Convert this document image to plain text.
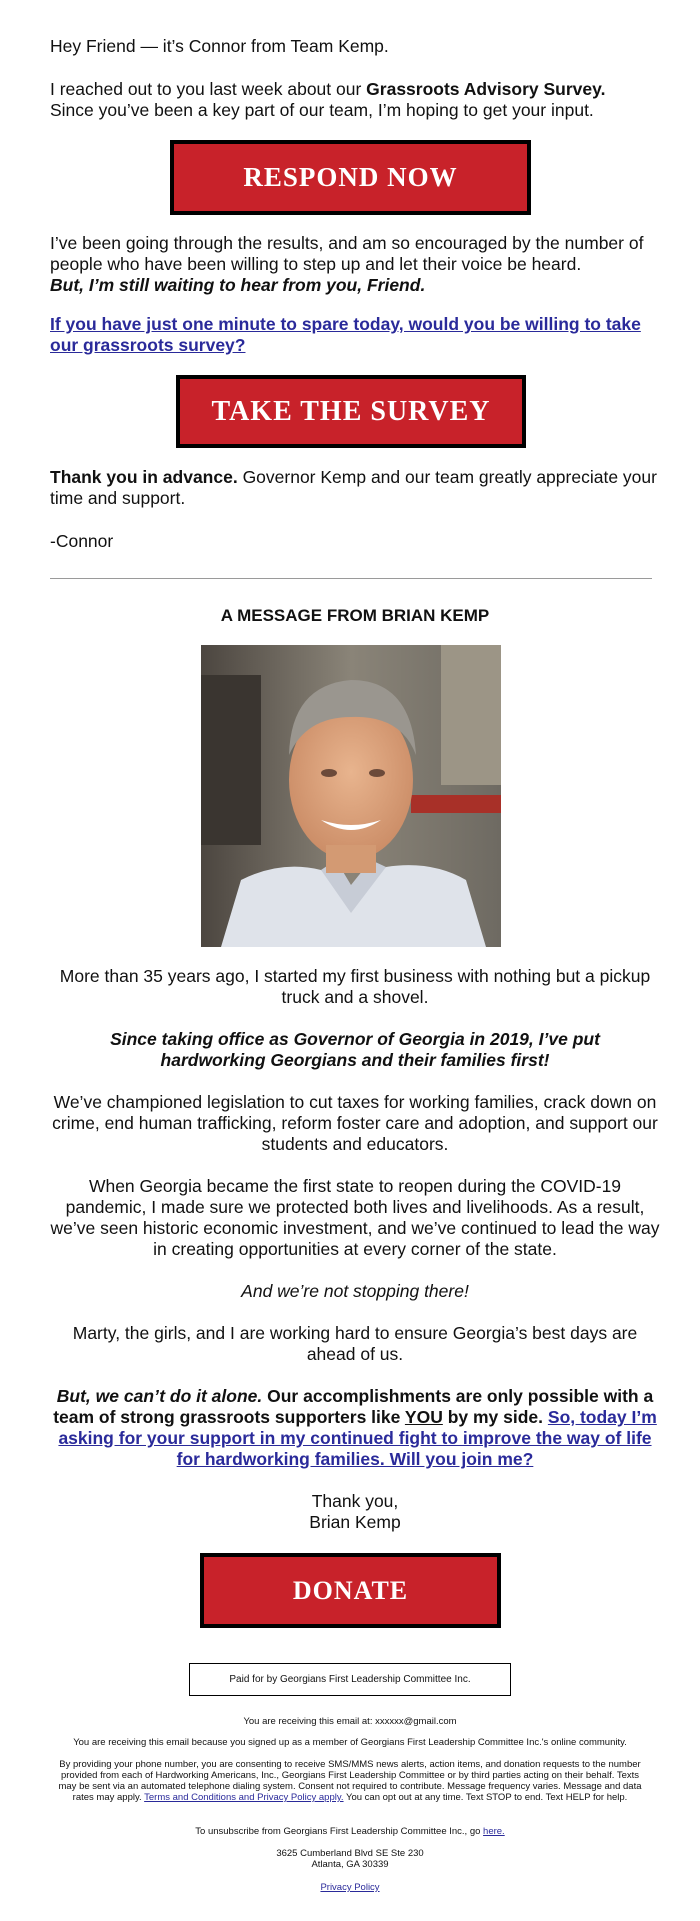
Hey Friend — it’s Connor from Team Kemp.
I reached out to you last week about our Grassroots Advisory Survey.
Since you’ve been a key part of our team, I’m hoping to get your input.
RESPOND NOW
I’ve been going through the results, and am so encouraged by the number of people who have been willing to step up and let their voice be heard.
But, I’m still waiting to hear from you, Friend.
If you have just one minute to spare today, would you be willing to take our grassroots survey?
TAKE THE SURVEY
Thank you in advance. Governor Kemp and our team greatly appreciate your time and support.
-Connor
A MESSAGE FROM BRIAN KEMP
More than 35 years ago, I started my first business with nothing but a pickup truck and a shovel.
Since taking office as Governor of Georgia in 2019, I’ve put hardworking Georgians and their families first!
We’ve championed legislation to cut taxes for working families, crack down on crime, end human trafficking, reform foster care and adoption, and support our students and educators.
When Georgia became the first state to reopen during the COVID-19 pandemic, I made sure we protected both lives and livelihoods. As a result, we’ve seen historic economic investment, and we’ve continued to lead the way in creating opportunities at every corner of the state.
And we’re not stopping there!
Marty, the girls, and I are working hard to ensure Georgia’s best days are ahead of us.
But, we can’t do it alone. Our accomplishments are only possible with a team of strong grassroots supporters like YOU by my side. So, today I’m asking for your support in my continued fight to improve the way of life for hardworking families. Will you join me?
Thank you,
Brian Kemp
DONATE
Paid for by Georgians First Leadership Committee Inc.
You are receiving this email at: xxxxxx@gmail.com
You are receiving this email because you signed up as a member of Georgians First Leadership Committee Inc.'s online community.
By providing your phone number, you are consenting to receive SMS/MMS news alerts, action items, and donation requests to the number provided from each of Hardworking Americans, Inc., Georgians First Leadership Committee or by third parties acting on their behalf. Texts may be sent via an automated telephone dialing system. Consent not required to contribute. Message frequency varies. Message and data rates may apply. Terms and Conditions and Privacy Policy apply. You can opt out at any time. Text STOP to end. Text HELP for help.
To unsubscribe from Georgians First Leadership Committee Inc., go here.
3625 Cumberland Blvd SE Ste 230
Atlanta, GA 30339
Privacy Policy
